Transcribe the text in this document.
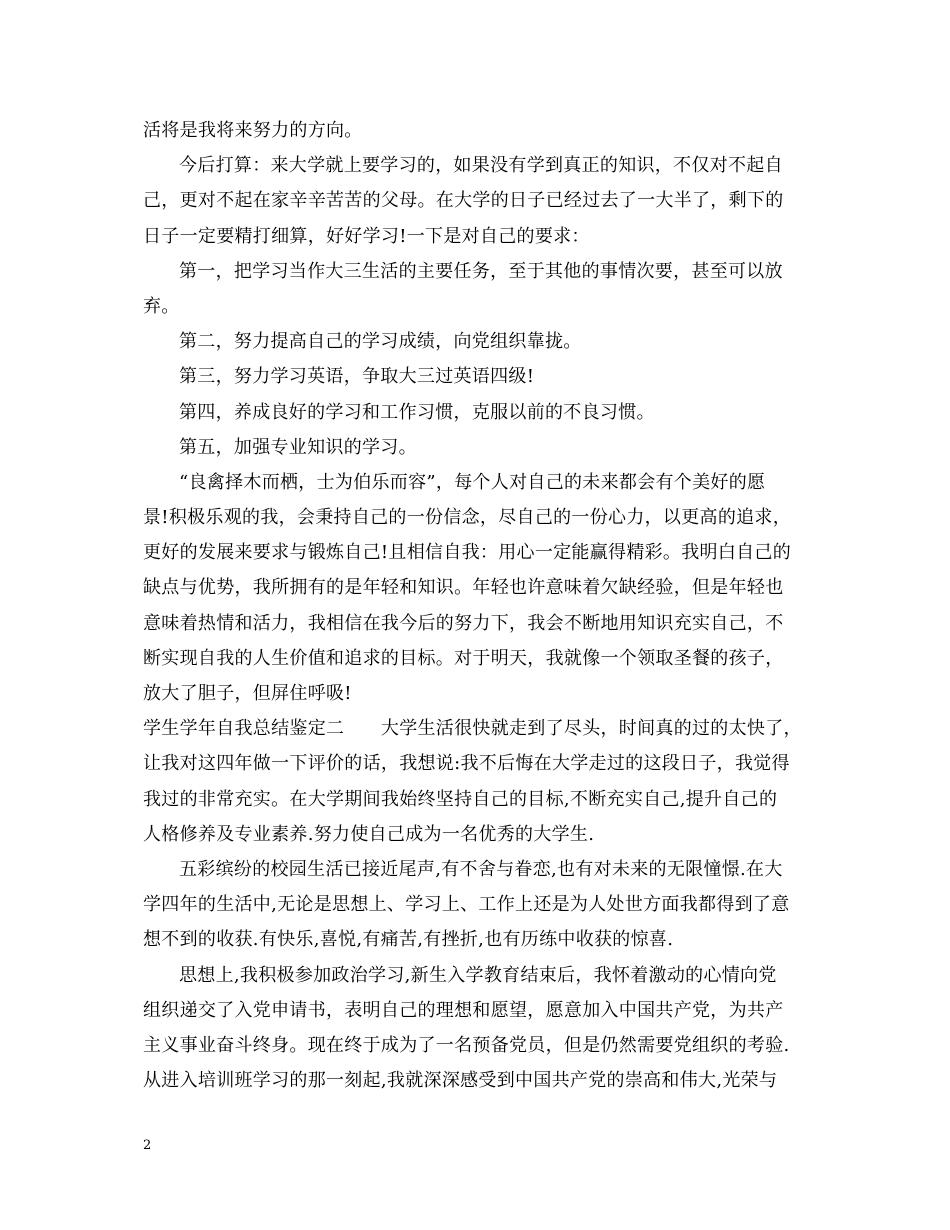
活将是我将来努力的方向。
今后打算：来大学就上要学习的，如果没有学到真正的知识，不仅对不起自
己，更对不起在家辛辛苦苦的父母。在大学的日子已经过去了一大半了，剩下的
日子一定要精打细算，好好学习!一下是对自己的要求：
第一，把学习当作大三生活的主要任务，至于其他的事情次要，甚至可以放
弃。
第二，努力提高自己的学习成绩，向党组织靠拢。
第三，努力学习英语，争取大三过英语四级!
第四，养成良好的学习和工作习惯，克服以前的不良习惯。
第五，加强专业知识的学习。
“良禽择木而栖，士为伯乐而容”，每个人对自己的未来都会有个美好的愿
景!积极乐观的我，会秉持自己的一份信念，尽自己的一份心力，以更高的追求，
更好的发展来要求与锻炼自己!且相信自我：用心一定能赢得精彩。我明白自己的
缺点与优势，我所拥有的是年轻和知识。年轻也许意味着欠缺经验，但是年轻也
意味着热情和活力，我相信在我今后的努力下，我会不断地用知识充实自己，不
断实现自我的人生价值和追求的目标。对于明天，我就像一个领取圣餐的孩子，
放大了胆子，但屏住呼吸!
学生学年自我总结鉴定二　　大学生活很快就走到了尽头，时间真的过的太快了，
让我对这四年做一下评价的话，我想说:我不后悔在大学走过的这段日子，我觉得
我过的非常充实。在大学期间我始终坚持自己的目标,不断充实自己,提升自己的
人格修养及专业素养.努力使自己成为一名优秀的大学生.
五彩缤纷的校园生活已接近尾声,有不舍与眷恋,也有对未来的无限憧憬.在大
学四年的生活中,无论是思想上、学习上、工作上还是为人处世方面我都得到了意
想不到的收获.有快乐,喜悦,有痛苦,有挫折,也有历练中收获的惊喜.
思想上,我积极参加政治学习,新生入学教育结束后，我怀着激动的心情向党
组织递交了入党申请书，表明自己的理想和愿望，愿意加入中国共产党，为共产
主义事业奋斗终身。现在终于成为了一名预备党员，但是仍然需要党组织的考验.
从进入培训班学习的那一刻起,我就深深感受到中国共产党的崇高和伟大,光荣与
2
